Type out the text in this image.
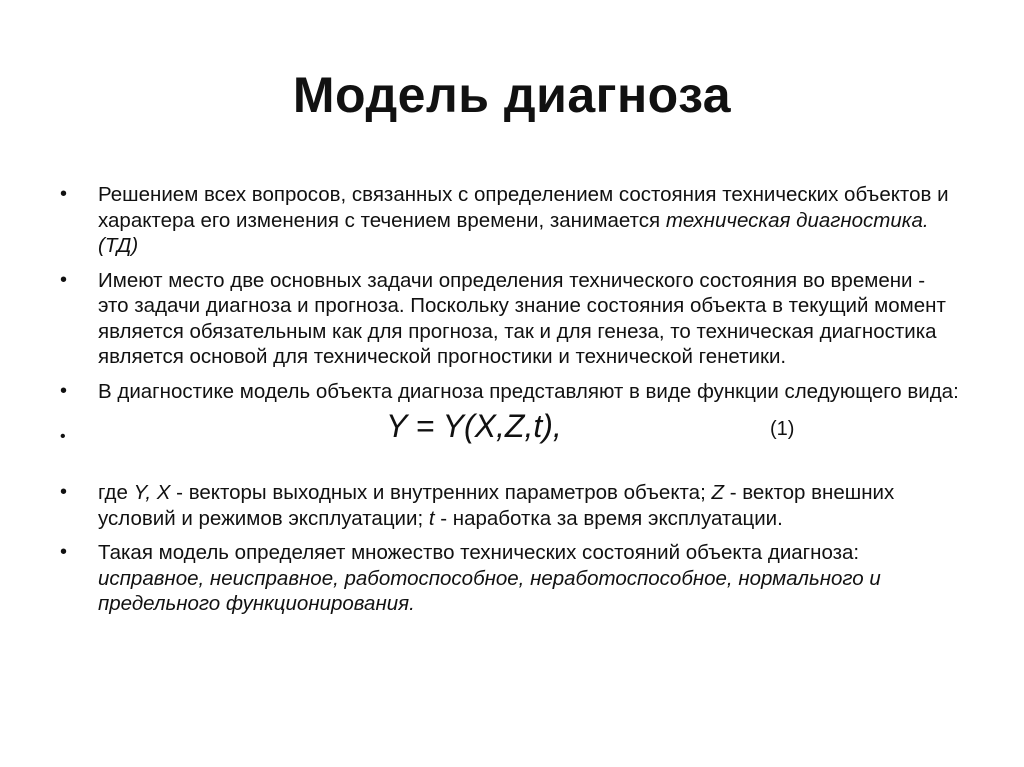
Модель диагноза
•	Решением всех вопросов, связанных с определением состояния технических объектов и характера его изменения с течением времени, занимается техническая диагностика.(ТД)
•	Имеют место две основных задачи определения технического состояния во времени - это задачи диагноза и прогноза. Поскольку знание состояния объекта в текущий момент является обязательным как для прогноза, так и для генеза, то техническая диагностика является основой для технической прогностики и технической генетики.
•	В диагностике модель объекта диагноза представляют в виде функции следующего вида:
•	Y = Y(X,Z,t),	(1)
•	где Y, X - векторы выходных и внутренних параметров объекта; Z - вектор внешних условий и режимов эксплуатации; t - наработка за время эксплуатации.
•	Такая модель определяет множество технических состояний объекта диагноза: исправное, неисправное, работоспособное, неработоспособное, нормального и предельного функционирования.
